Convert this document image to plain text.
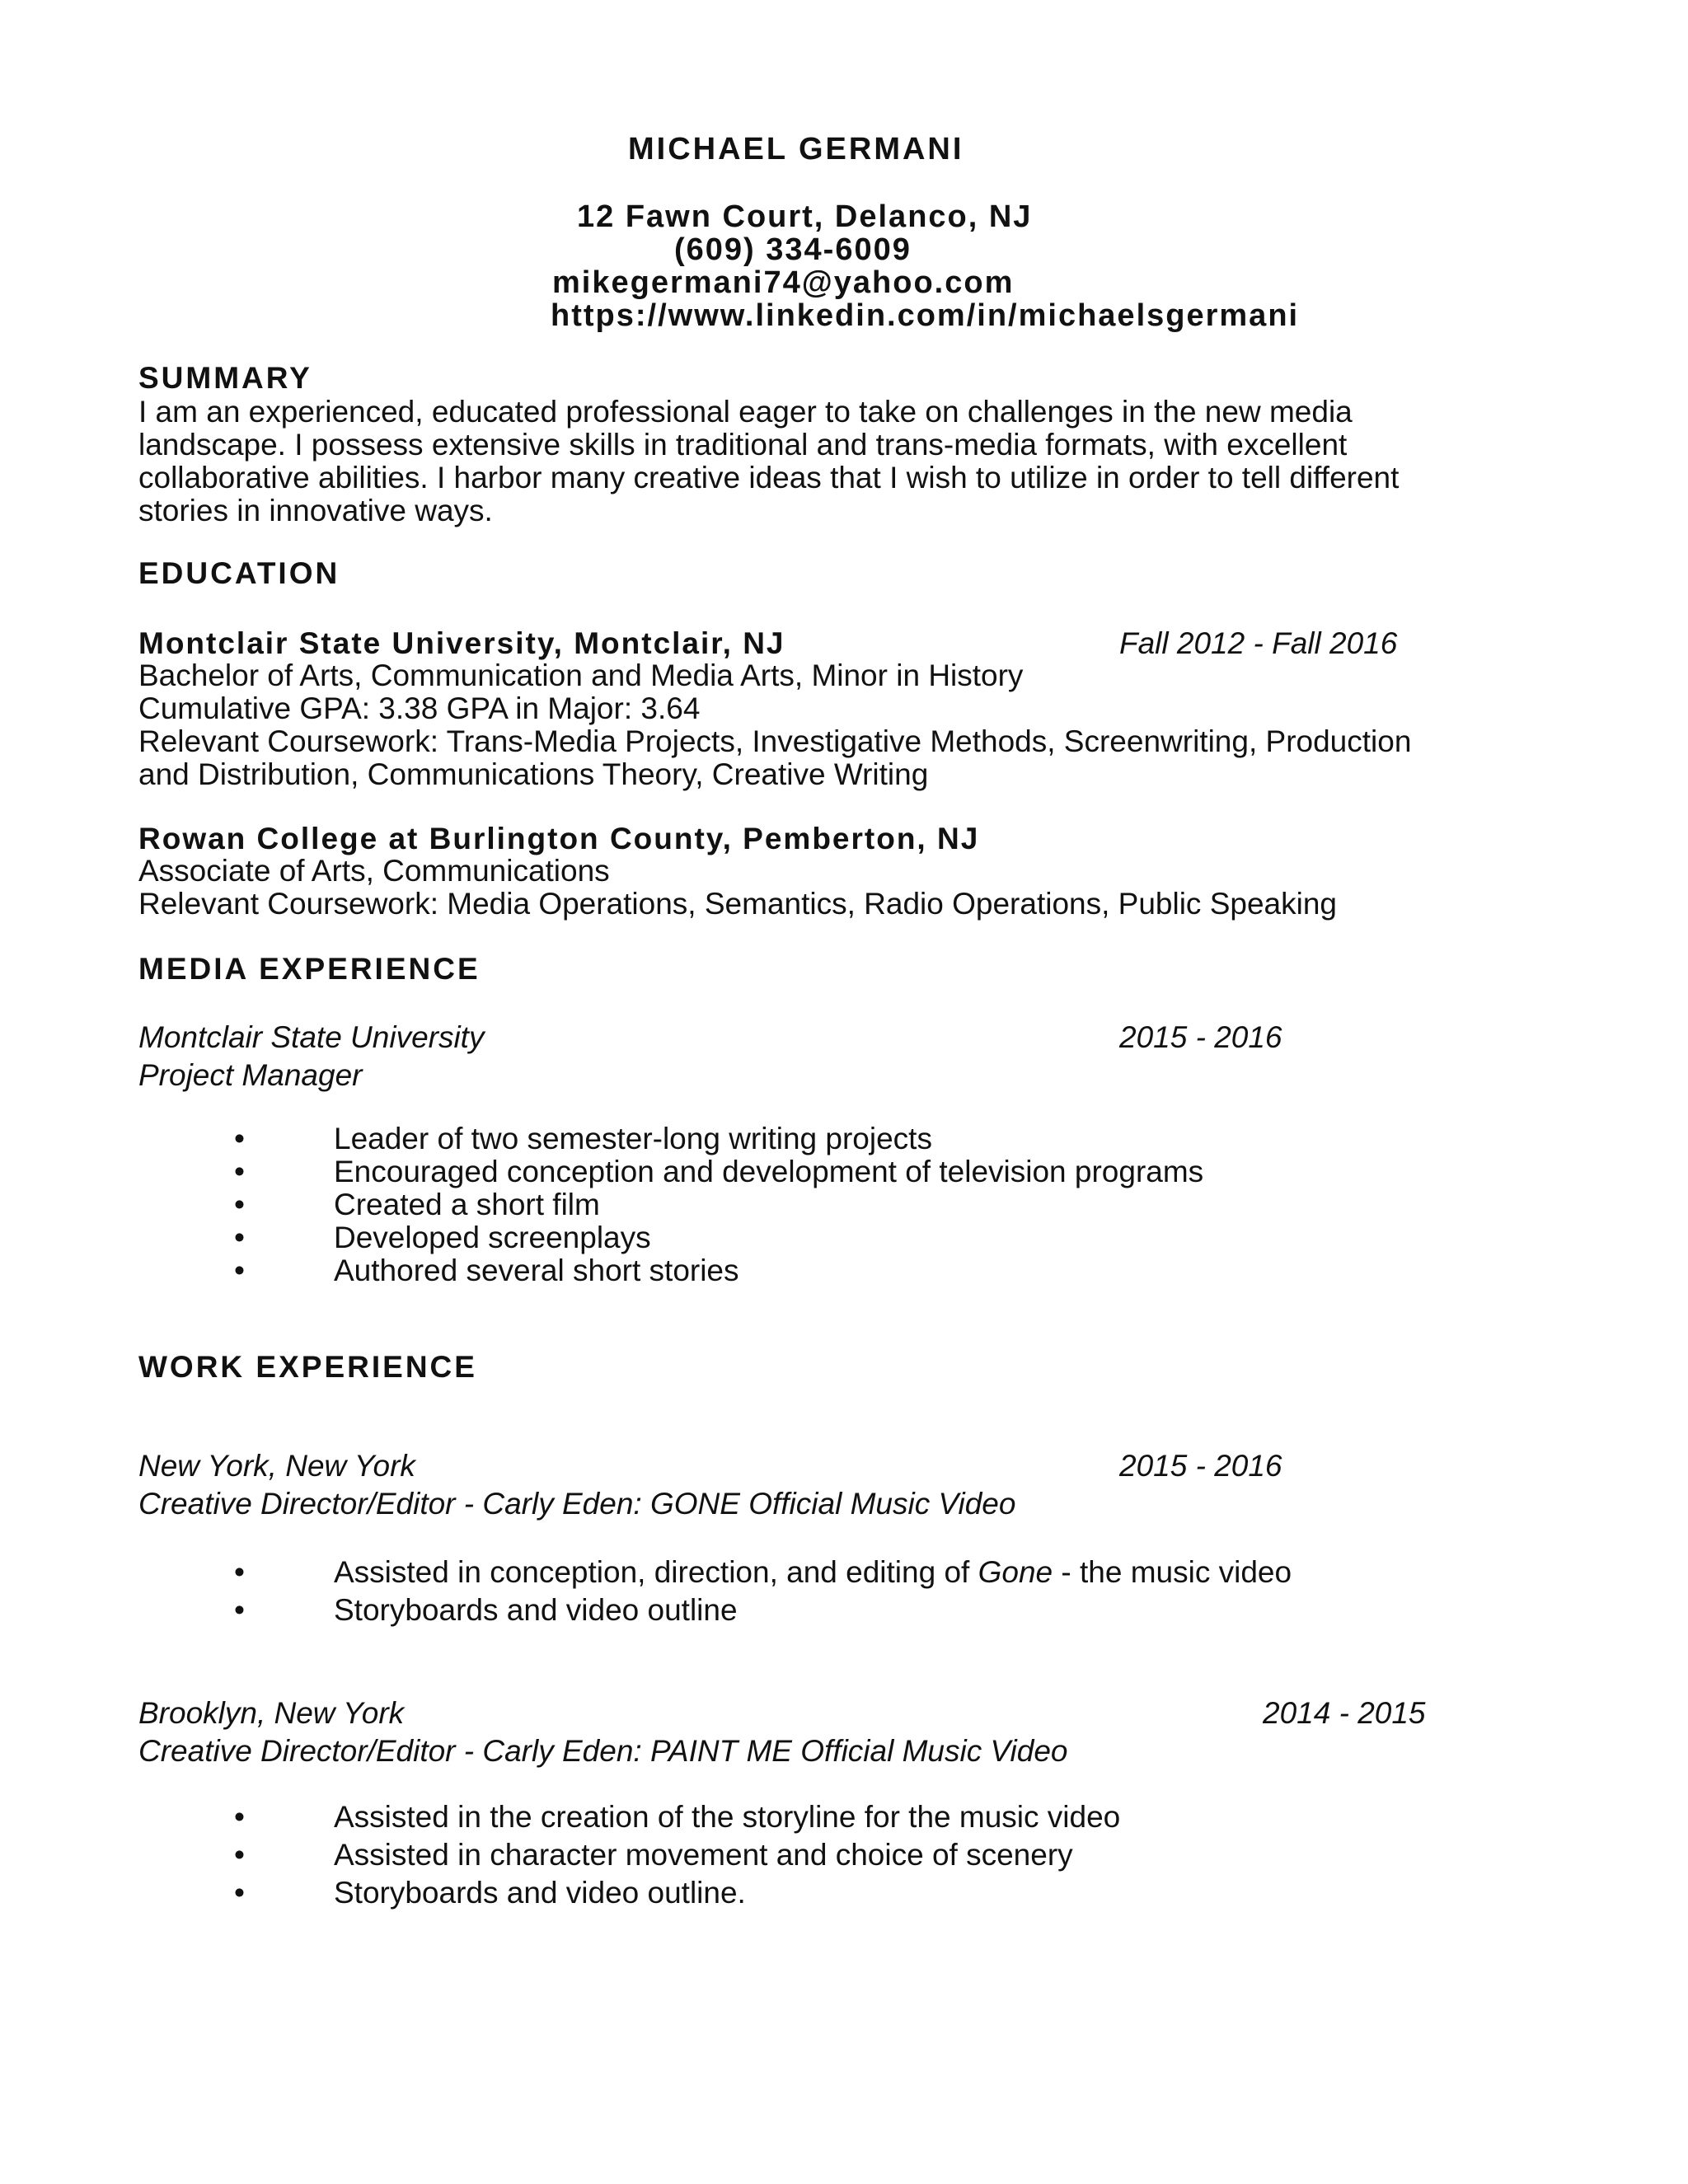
MICHAEL GERMANI
12 Fawn Court, Delanco, NJ
(609) 334-6009
mikegermani74@yahoo.com
https://www.linkedin.com/in/michaelsgermani
SUMMARY
I am an experienced, educated professional eager to take on challenges in the new media
landscape. I possess extensive skills in traditional and trans-media formats, with excellent
collaborative abilities. I harbor many creative ideas that I wish to utilize in order to tell different
stories in innovative ways.
EDUCATION
Montclair State University, Montclair, NJ	Fall 2012 - Fall 2016
Bachelor of Arts, Communication and Media Arts, Minor in History
Cumulative GPA: 3.38 GPA in Major: 3.64
Relevant Coursework: Trans-Media Projects, Investigative Methods, Screenwriting, Production
and Distribution, Communications Theory, Creative Writing
Rowan College at Burlington County, Pemberton, NJ
Associate of Arts, Communications
Relevant Coursework: Media Operations, Semantics, Radio Operations, Public Speaking
MEDIA EXPERIENCE
Montclair State University	2015 - 2016
Project Manager
•	Leader of two semester-long writing projects
•	Encouraged conception and development of television programs
•	Created a short film
•	Developed screenplays
•	Authored several short stories
WORK EXPERIENCE
New York, New York	2015 - 2016
Creative Director/Editor - Carly Eden: GONE Official Music Video
•	Assisted in conception, direction, and editing of Gone - the music video
•	Storyboards and video outline
Brooklyn, New York	2014 - 2015
Creative Director/Editor - Carly Eden: PAINT ME Official Music Video
•	Assisted in the creation of the storyline for the music video
•	Assisted in character movement and choice of scenery
•	Storyboards and video outline.
